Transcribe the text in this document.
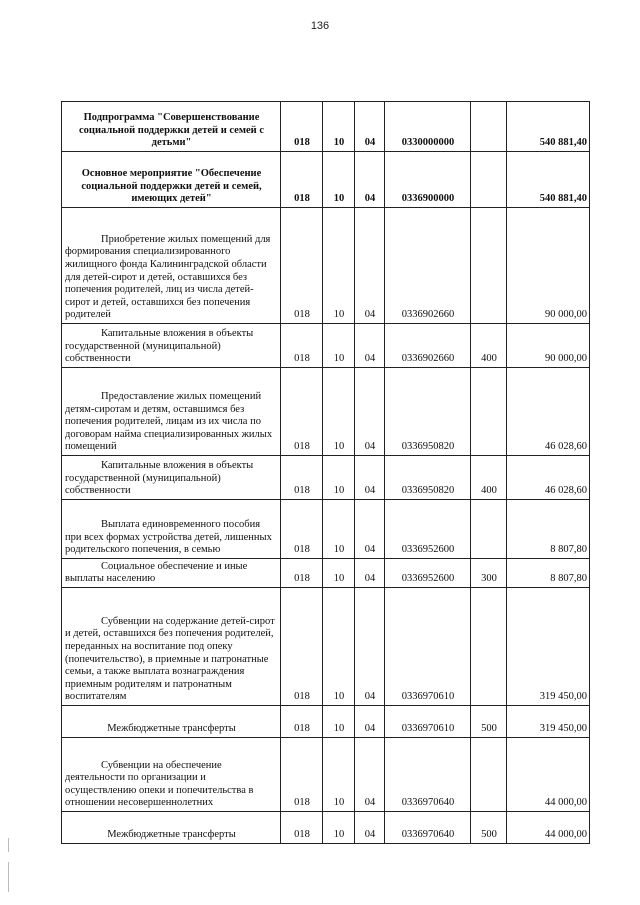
136
Подпрограмма "Совершенствование социальной поддержки детей и семей с детьми"	018	10	04	0330000000		540 881,40
Основное мероприятие "Обеспечение социальной поддержки детей и семей, имеющих детей"	018	10	04	0336900000		540 881,40
Приобретение жилых помещений для формирования специализированного жилищного фонда Калининградской области для детей-сирот и детей, оставшихся без попечения родителей, лиц из числа детей-сирот и детей, оставшихся без попечения родителей	018	10	04	0336902660		90 000,00
Капитальные вложения в объекты государственной (муниципальной) собственности	018	10	04	0336902660	400	90 000,00
Предоставление жилых помещений детям-сиротам и детям, оставшимся без попечения родителей, лицам из их числа по договорам найма специализированных жилых помещений	018	10	04	0336950820		46 028,60
Капитальные вложения в объекты государственной (муниципальной) собственности	018	10	04	0336950820	400	46 028,60
Выплата единовременного пособия при всех формах устройства детей, лишенных родительского попечения, в семью	018	10	04	0336952600		8 807,80
Социальное обеспечение и иные выплаты населению	018	10	04	0336952600	300	8 807,80
Субвенции на содержание детей-сирот и детей, оставшихся без попечения родителей, переданных на воспитание под опеку (попечительство), в приемные и патронатные семьи, а также выплата вознаграждения приемным родителям и патронатным воспитателям	018	10	04	0336970610		319 450,00
Межбюджетные трансферты	018	10	04	0336970610	500	319 450,00
Субвенции на обеспечение деятельности по организации и осуществлению опеки и попечительства в отношении несовершеннолетних	018	10	04	0336970640		44 000,00
Межбюджетные трансферты	018	10	04	0336970640	500	44 000,00
